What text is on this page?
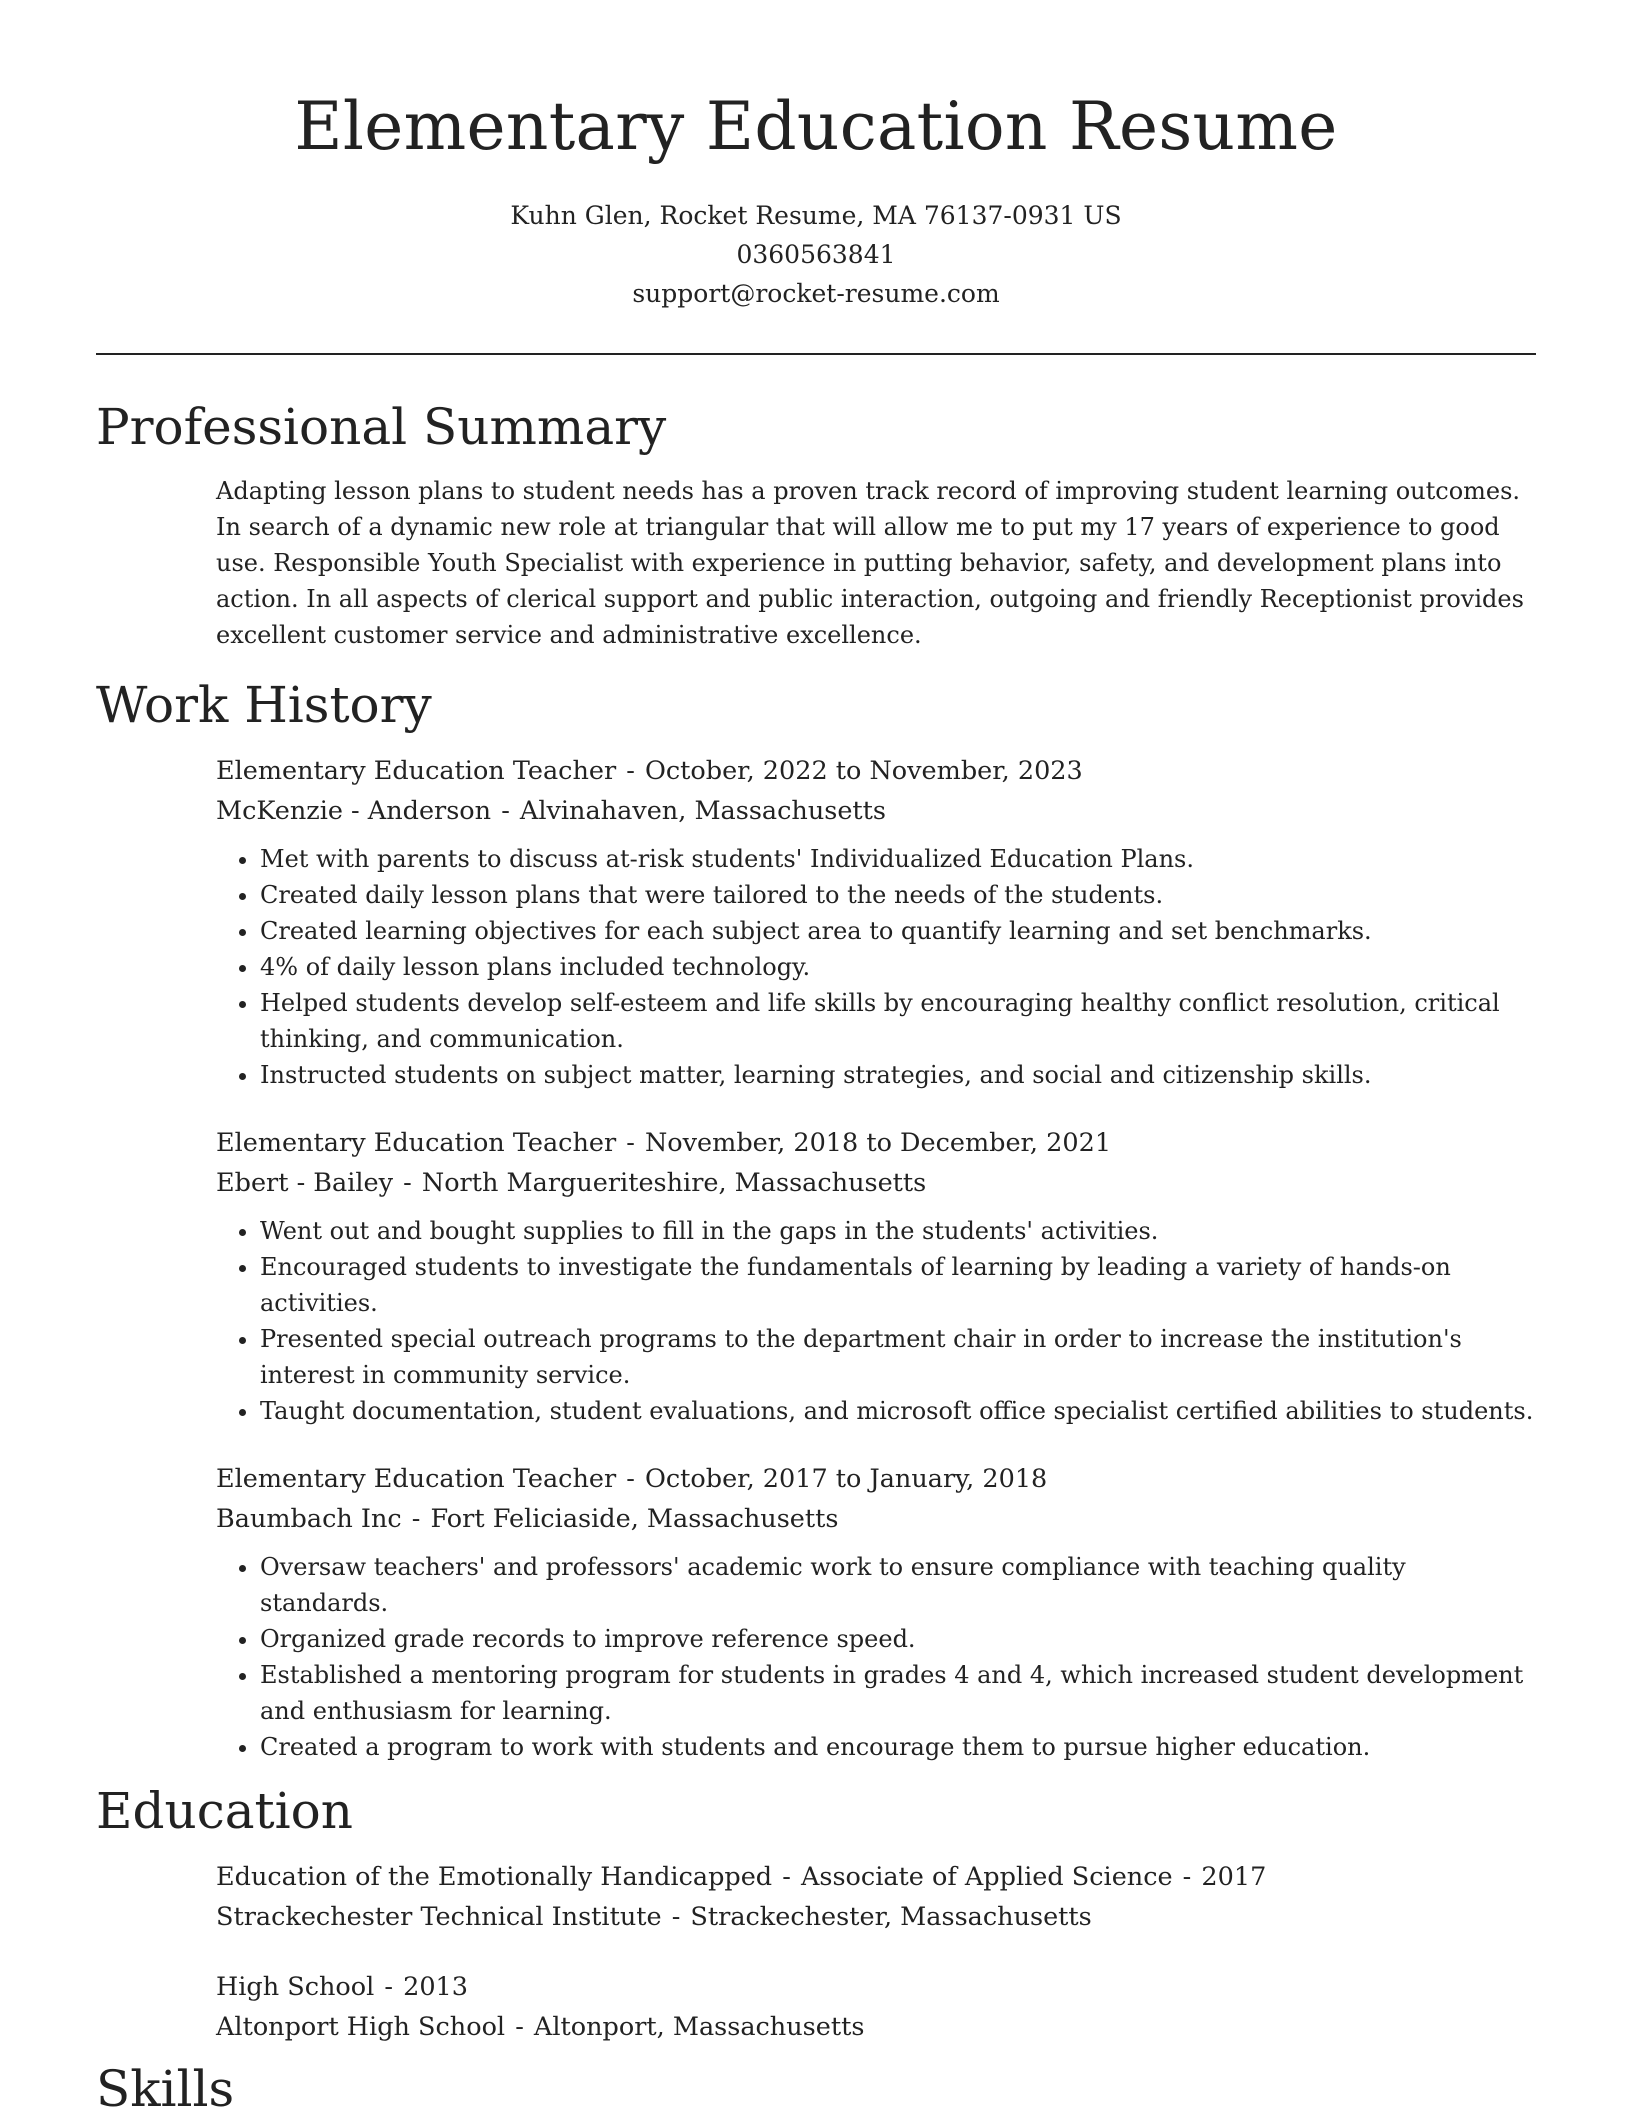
Elementary Education Resume
Kuhn Glen, Rocket Resume, MA 76137-0931 US
0360563841
support@rocket-resume.com
Professional Summary

Adapting lesson plans to student needs has a proven track record of improving student learning outcomes. In search of a dynamic new role at triangular that will allow me to put my 17 years of experience to good use. Responsible Youth Specialist with experience in putting behavior, safety, and development plans into action. In all aspects of clerical support and public interaction, outgoing and friendly Receptionist provides excellent customer service and administrative excellence.

Work History

Elementary Education Teacher - October, 2022 to November, 2023

McKenzie - Anderson - Alvinahaven, Massachusetts

• Met with parents to discuss at-risk students' Individualized Education Plans.
• Created daily lesson plans that were tailored to the needs of the students.
• Created learning objectives for each subject area to quantify learning and set benchmarks.
• 4% of daily lesson plans included technology.
• Helped students develop self-esteem and life skills by encouraging healthy conflict resolution, critical thinking, and communication.
• Instructed students on subject matter, learning strategies, and social and citizenship skills.

Elementary Education Teacher - November, 2018 to December, 2021

Ebert - Bailey - North Margueriteshire, Massachusetts

• Went out and bought supplies to fill in the gaps in the students' activities.
• Encouraged students to investigate the fundamentals of learning by leading a variety of hands-on activities.
• Presented special outreach programs to the department chair in order to increase the institution's interest in community service.
• Taught documentation, student evaluations, and microsoft office specialist certified abilities to students.

Elementary Education Teacher - October, 2017 to January, 2018

Baumbach Inc - Fort Feliciaside, Massachusetts

• Oversaw teachers' and professors' academic work to ensure compliance with teaching quality standards.
• Organized grade records to improve reference speed.
• Established a mentoring program for students in grades 4 and 4, which increased student development and enthusiasm for learning.
• Created a program to work with students and encourage them to pursue higher education.
Education

Education of the Emotionally Handicapped - Associate of Applied Science - 2017

Strackechester Technical Institute - Strackechester, Massachusetts

High School - 2013

Altonport High School - Altonport, Massachusetts

Skills
